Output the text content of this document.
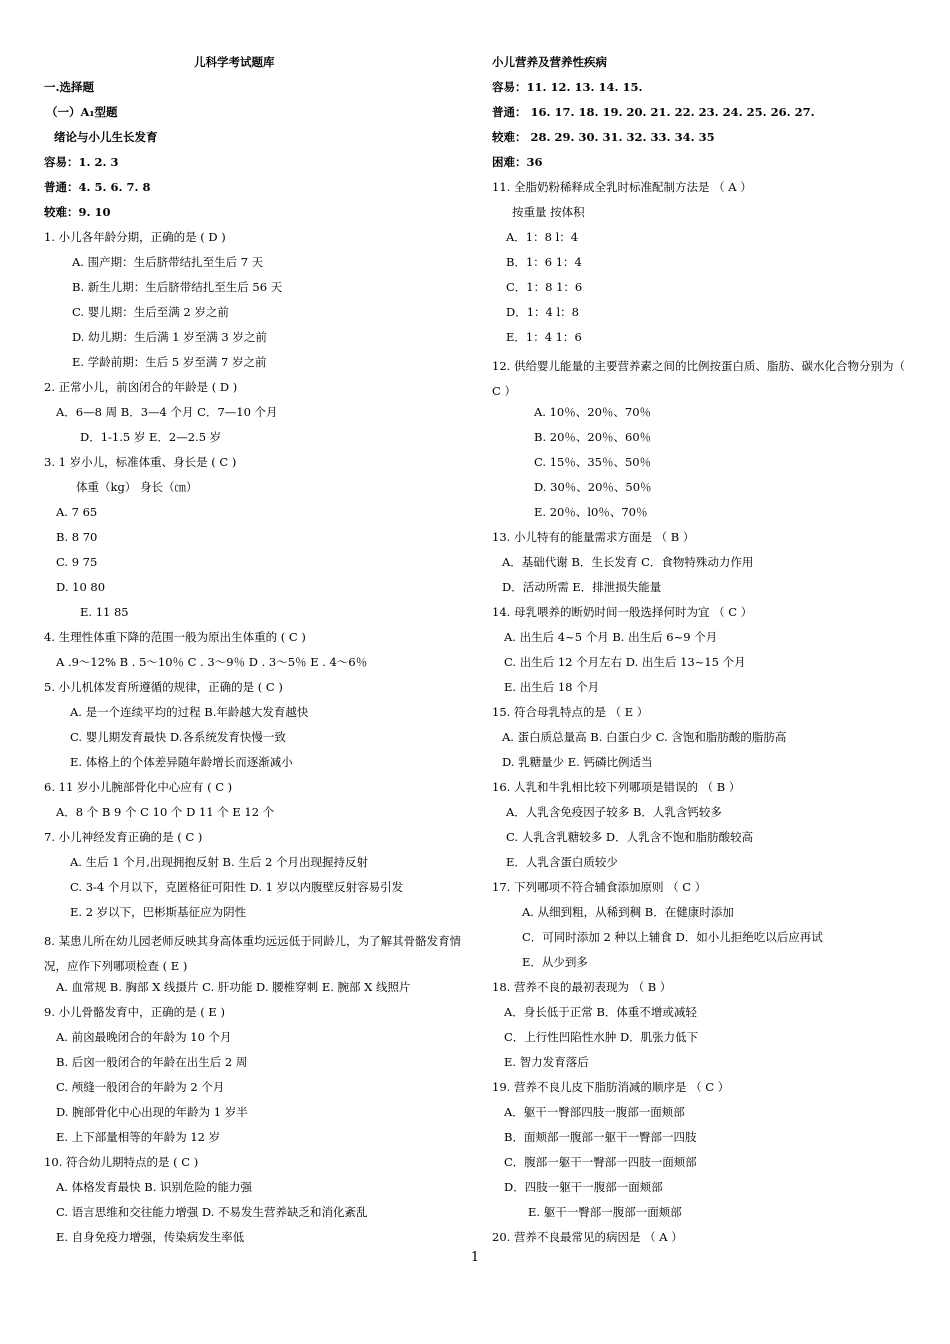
儿科学考试题库
一.选择题
（一）A₁型题
绪论与小儿生长发育
容易：1. 2. 3
普通：4. 5. 6. 7. 8
较难：9. 10
1. 小儿各年龄分期，正确的是 ( D )
A. 围产期：生后脐带结扎至生后 7 天
B. 新生儿期：生后脐带结扎至生后 56 天
C. 婴儿期：生后至满 2 岁之前
D. 幼儿期：生后满 1 岁至满 3 岁之前
E. 学龄前期：生后 5 岁至满 7 岁之前
2. 正常小儿，前囟闭合的年龄是 ( D )
A．6—8 周 B．3—4 个月 C．7—10 个月
D．1-1.5 岁 E．2—2.5 岁
3. 1 岁小儿，标准体重、身长是 ( C )
体重（kg） 身长（㎝）
A. 7 65
B. 8 70
C. 9 75
D. 10 80
E. 11 85
4. 生理性体重下降的范围一般为原出生体重的 ( C )
A .9～12% B . 5～10％ C . 3～9％ D . 3～5％ E . 4～6％
5. 小儿机体发育所遵循的规律，正确的是 ( C )
A. 是一个连续平均的过程 B.年龄越大发育越快
C. 婴儿期发育最快 D.各系统发育快慢一致
E. 体格上的个体差异随年龄增长而逐渐减小
6. 11 岁小儿腕部骨化中心应有 ( C )
A．8 个 B 9 个 C 10 个 D 11 个 E 12 个
7. 小儿神经发育正确的是 ( C )
A. 生后 1 个月,出现拥抱反射 B. 生后 2 个月出现握持反射
C. 3-4 个月以下，克匿格征可阳性 D. 1 岁以内腹壁反射容易引发
E. 2 岁以下，巴彬斯基征应为阴性
8. 某患儿所在幼儿园老师反映其身高体重均远远低于同龄儿，为了解其骨骼发育情况，应作下列哪项检查 ( E )
A. 血常规 B. 胸部 X 线摄片 C. 肝功能 D. 腰椎穿刺 E. 腕部 X 线照片
9. 小儿骨骼发育中，正确的是 ( E )
A. 前囟最晚闭合的年龄为 10 个月
B. 后囟一般闭合的年龄在出生后 2 周
C. 颅缝一般闭合的年龄为 2 个月
D. 腕部骨化中心出现的年龄为 1 岁半
E. 上下部量相等的年龄为 12 岁
10. 符合幼儿期特点的是 ( C )
A. 体格发育最快 B. 识别危险的能力强
C. 语言思维和交往能力增强 D. 不易发生营养缺乏和消化紊乱
E. 自身免疫力增强，传染病发生率低
小儿营养及营养性疾病
容易：11. 12. 13. 14. 15.
普通： 16. 17. 18. 19. 20. 21. 22. 23. 24. 25. 26. 27.
较难： 28. 29. 30. 31. 32. 33. 34. 35
困难：36
11. 全脂奶粉稀释成全乳时标准配制方法是 （ A ）
按重量 按体积
A．1：8 l：4
B．1：6 1：4
C．1：8 1：6
D．1：4 l：8
E．1：4 1：6
12. 供给婴儿能量的主要营养素之间的比例按蛋白质、脂肪、碳水化合物分别为（ C ）
A. 10％、20％、70％
B. 20％、20％、60％
C. 15％、35％、50％
D. 30％、20％、50％
E. 20％、l0％、70％
13. 小儿特有的能量需求方面是 （ B ）
A．基础代谢 B．生长发育 C．食物特殊动力作用
D．活动所需 E．排泄损失能量
14. 母乳喂养的断奶时间一般选择何时为宜 （ C ）
A. 出生后 4~5 个月 B. 出生后 6~9 个月
C. 出生后 12 个月左右 D. 出生后 13~15 个月
E. 出生后 18 个月
15. 符合母乳特点的是 （ E ）
A. 蛋白质总量高 B. 白蛋白少 C. 含饱和脂肪酸的脂肪高
D. 乳糖量少 E. 钙磷比例适当
16. 人乳和牛乳相比较下列哪项是错误的 （ B ）
A．人乳含免疫因子较多 B．人乳含钙较多
C. 人乳含乳糖较多 D．人乳含不饱和脂肪酸较高
E．人乳含蛋白质较少
17. 下列哪项不符合辅食添加原则 （ C ）
A. 从细到粗，从稀到稠 B．在健康时添加
C．可同时添加 2 种以上辅食 D．如小儿拒绝吃以后应再试
E．从少到多
18. 营养不良的最初表现为 （ B ）
A．身长低于正常 B．体重不增或减轻
C．上行性凹陷性水肿 D．肌张力低下
E. 智力发育落后
19. 营养不良儿皮下脂肪消减的顺序是 （ C ）
A．躯干一臀部四肢一腹部一面颊部
B．面颊部一腹部一躯干一臀部一四肢
C．腹部一躯干一臀部一四肢一面颊部
D．四肢一躯干一腹部一面颊部
E. 躯干一臀部一腹部一面颊部
20. 营养不良最常见的病因是 （ A ）
1
